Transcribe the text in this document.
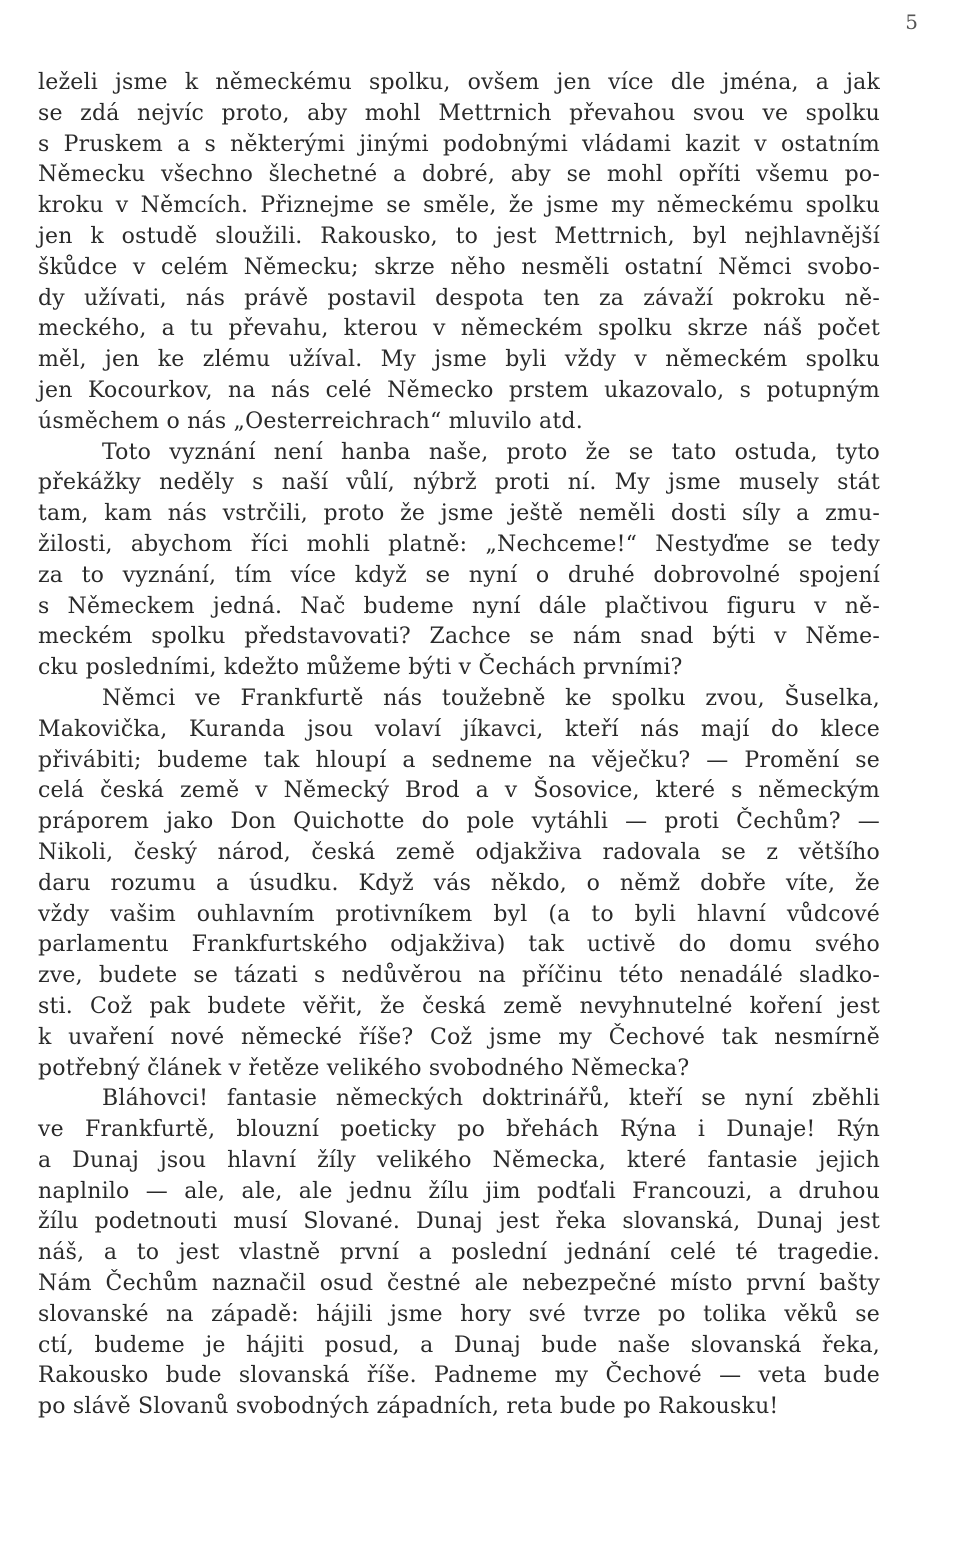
5
leželi jsme k německému spolku, ovšem jen více dle jména, a jak
se zdá nejvíc proto, aby mohl Mettrnich převahou svou ve spolku
s Pruskem a s některými jinými podobnými vládami kazit v ostatním
Německu všechno šlechetné a dobré, aby se mohl opříti všemu po-
kroku v Němcích. Přiznejme se směle, že jsme my německému spolku
jen k ostudě sloužili. Rakousko, to jest Mettrnich, byl nejhlavnější
škůdce v celém Německu; skrze něho nesměli ostatní Němci svobo-
dy užívati, nás právě postavil despota ten za závaží pokroku ně-
meckého, a tu převahu, kterou v německém spolku skrze náš počet
měl, jen ke zlému užíval. My jsme byli vždy v německém spolku
jen Kocourkov, na nás celé Německo prstem ukazovalo, s potupným
úsměchem o nás „Oesterreichrach“ mluvilo atd.
Toto vyznání není hanba naše, proto že se tato ostuda, tyto
překážky neděly s naší vůlí, nýbrž proti ní. My jsme musely stát
tam, kam nás vstrčili, proto že jsme ještě neměli dosti síly a zmu-
žilosti, abychom říci mohli platně: „Nechceme!“ Nestyďme se tedy
za to vyznání, tím více když se nyní o druhé dobrovolné spojení
s Německem jedná. Nač budeme nyní dále plačtivou figuru v ně-
meckém spolku představovati? Zachce se nám snad býti v Něme-
cku posledními, kdežto můžeme býti v Čechách prvními?
Němci ve Frankfurtě nás toužebně ke spolku zvou, Šuselka,
Makovička, Kuranda jsou volaví jíkavci, kteří nás mají do klece
přivábiti; budeme tak hloupí a sedneme na věječku? — Promění se
celá česká země v Německý Brod a v Šosovice, které s německým
práporem jako Don Quichotte do pole vytáhli — proti Čechům? —
Nikoli, český národ, česká země odjakživa radovala se z většího
daru rozumu a úsudku. Když vás někdo, o němž dobře víte, že
vždy vašim ouhlavním protivníkem byl (a to byli hlavní vůdcové
parlamentu Frankfurtského odjakživa) tak uctivě do domu svého
zve, budete se tázati s nedůvěrou na příčinu této nenadálé sladko-
sti. Což pak budete věřit, že česká země nevyhnutelné koření jest
k uvaření nové německé říše? Což jsme my Čechové tak nesmírně
potřebný článek v řetěze velikého svobodného Německa?
Bláhovci! fantasie německých doktrinářů, kteří se nyní zběhli
ve Frankfurtě, blouzní poeticky po břehách Rýna i Dunaje! Rýn
a Dunaj jsou hlavní žíly velikého Německa, které fantasie jejich
naplnilo — ale, ale, ale jednu žílu jim podťali Francouzi, a druhou
žílu podetnouti musí Slované. Dunaj jest řeka slovanská, Dunaj jest
náš, a to jest vlastně první a poslední jednání celé té tragedie.
Nám Čechům naznačil osud čestné ale nebezpečné místo první bašty
slovanské na západě: hájili jsme hory své tvrze po tolika věků se
ctí, budeme je hájiti posud, a Dunaj bude naše slovanská řeka,
Rakousko bude slovanská říše. Padneme my Čechové — veta bude
po slávě Slovanů svobodných západních, reta bude po Rakousku!
